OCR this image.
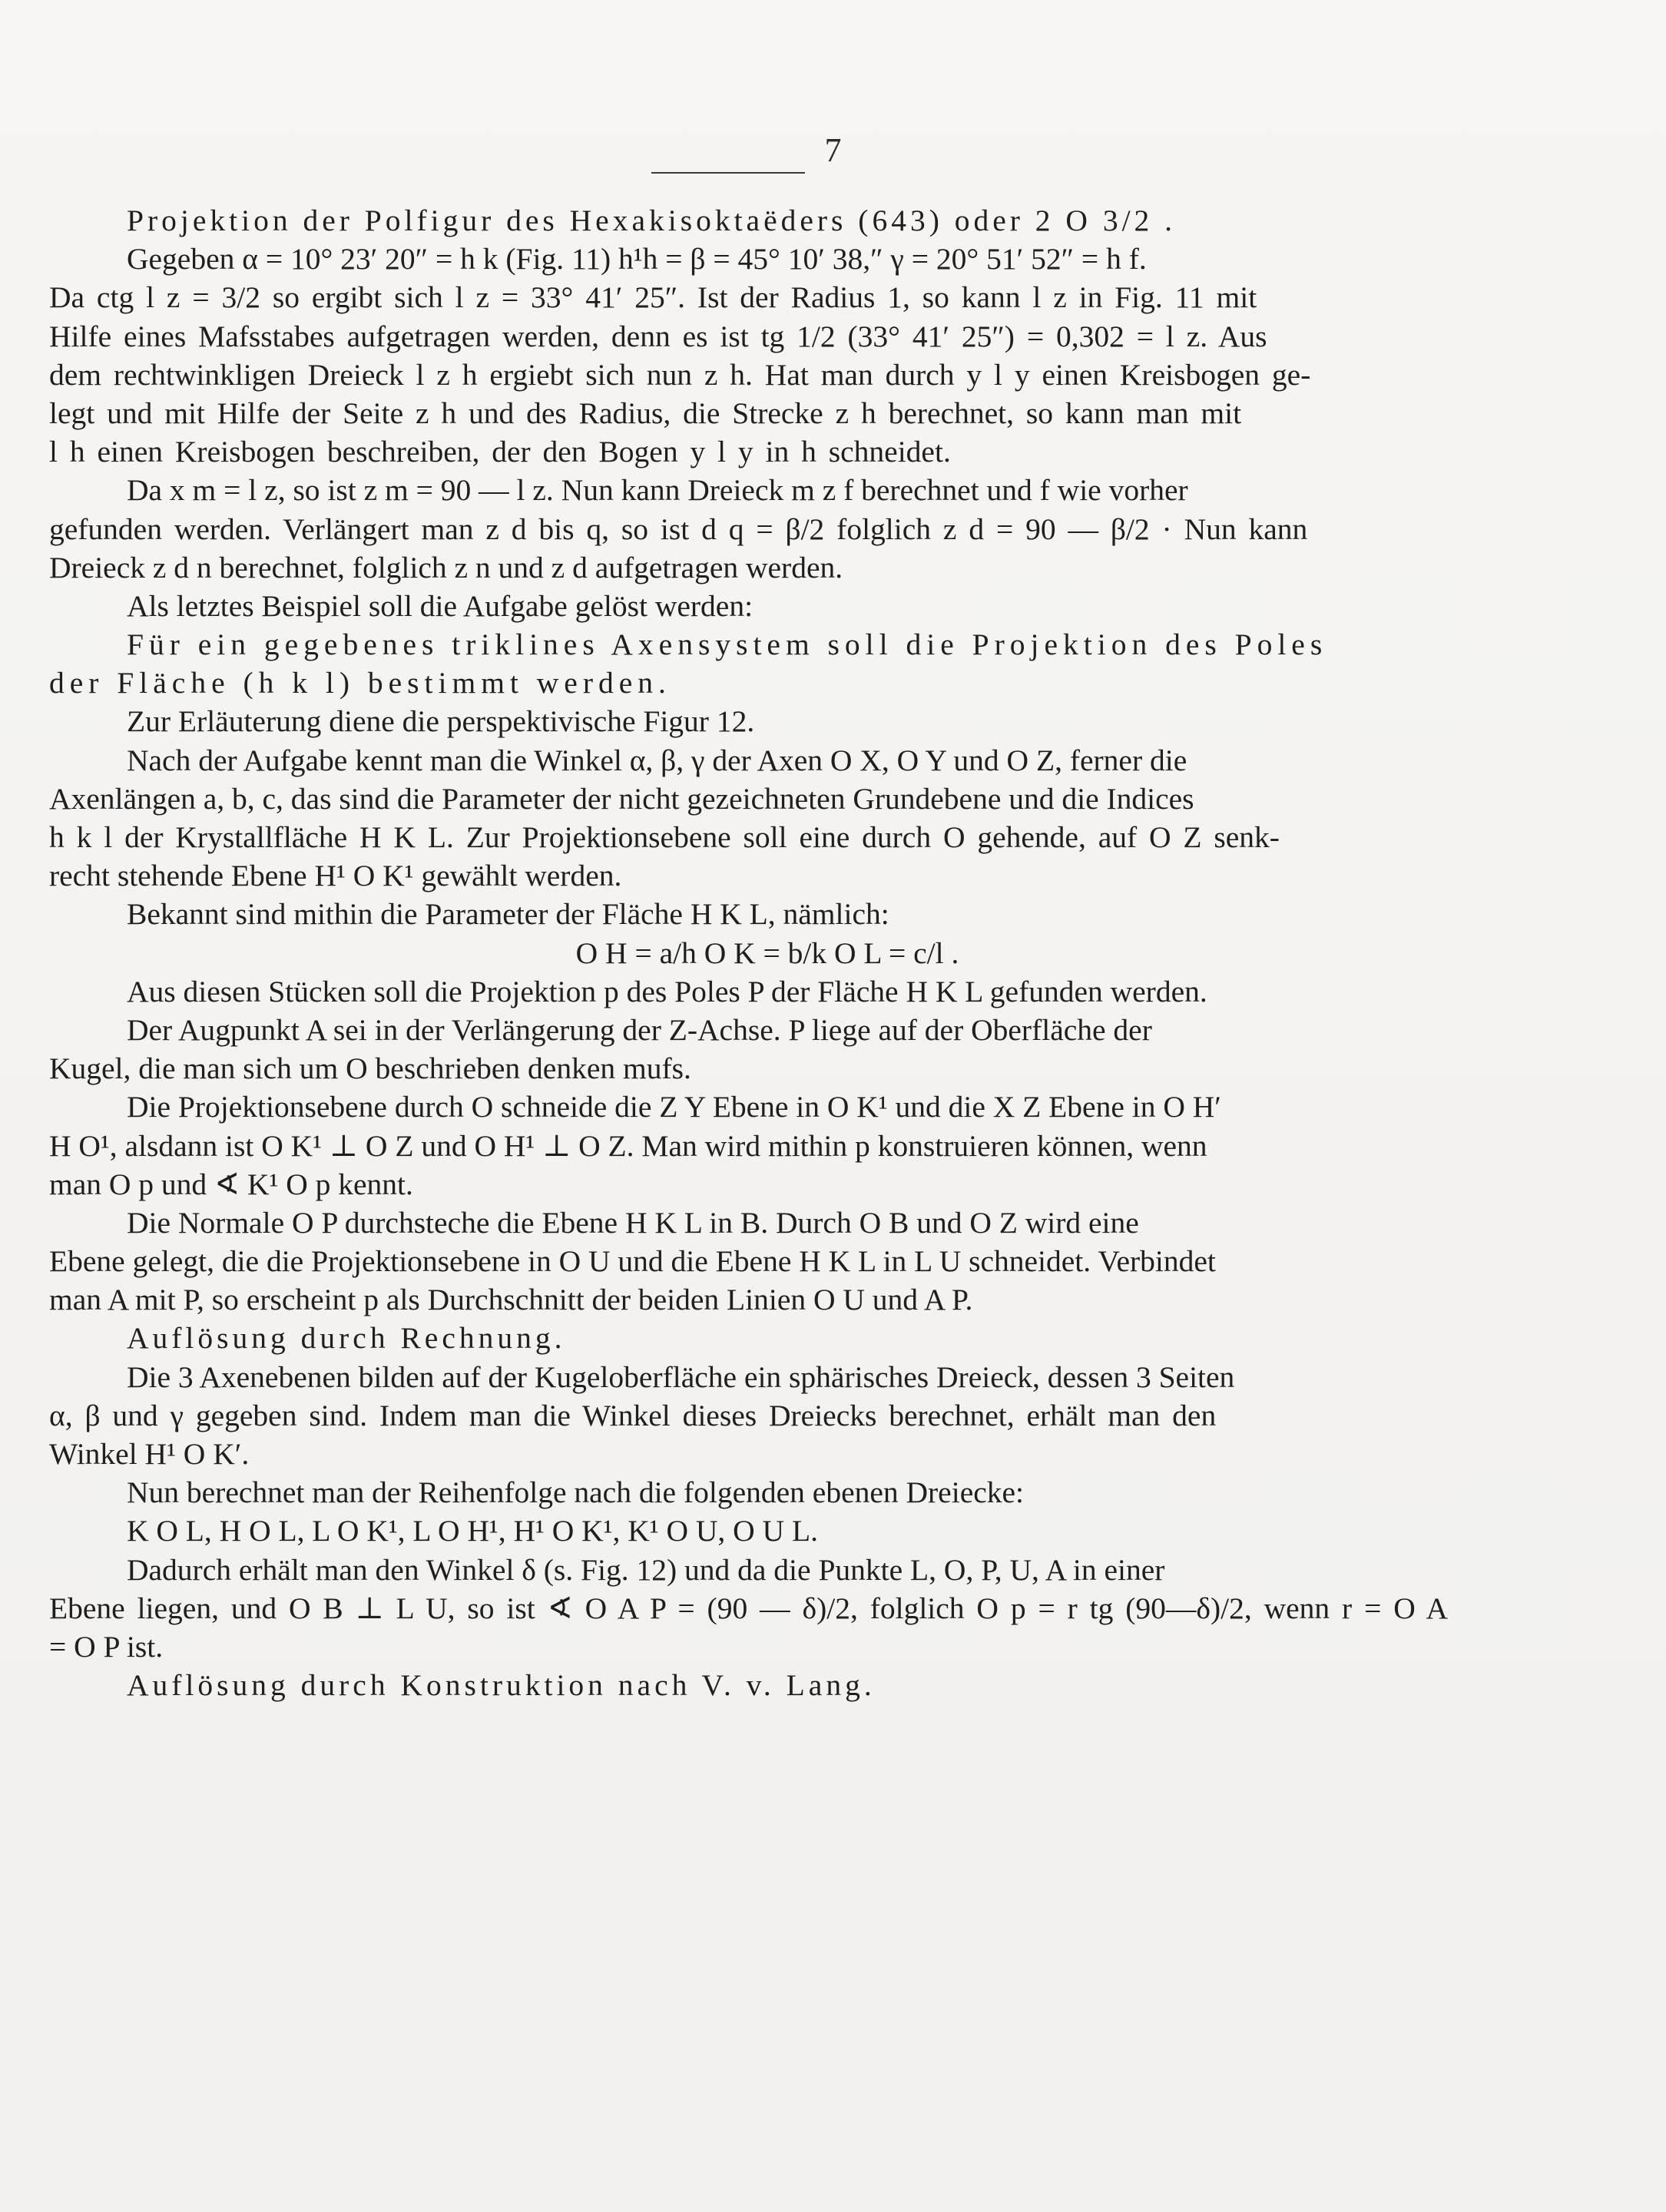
7
Projektion der Polfigur des Hexakisoktaëders (643) oder 2 O 3/2 .
Gegeben α = 10° 23′ 20″ = h k (Fig. 11) h¹h = β = 45° 10′ 38,″ γ = 20° 51′ 52″ = h f.
Da ctg l z = 3/2 so ergibt sich l z = 33° 41′ 25″. Ist der Radius 1, so kann l z in Fig. 11 mit
Hilfe eines Mafsstabes aufgetragen werden, denn es ist tg 1/2 (33° 41′ 25″) = 0,302 = l z. Aus
dem rechtwinkligen Dreieck l z h ergiebt sich nun z h. Hat man durch y l y einen Kreisbogen ge-
legt und mit Hilfe der Seite z h und des Radius, die Strecke z h berechnet, so kann man mit
l h einen Kreisbogen beschreiben, der den Bogen y l y in h schneidet.
Da x m = l z, so ist z m = 90 — l z. Nun kann Dreieck m z f berechnet und f wie vorher
gefunden werden. Verlängert man z d bis q, so ist d q = β/2 folglich z d = 90 — β/2 · Nun kann
Dreieck z d n berechnet, folglich z n und z d aufgetragen werden.
Als letztes Beispiel soll die Aufgabe gelöst werden:
Für ein gegebenes triklines Axensystem soll die Projektion des Poles
der Fläche (h k l) bestimmt werden.
Zur Erläuterung diene die perspektivische Figur 12.
Nach der Aufgabe kennt man die Winkel α, β, γ der Axen O X, O Y und O Z, ferner die
Axenlängen a, b, c, das sind die Parameter der nicht gezeichneten Grundebene und die Indices
h k l der Krystallfläche H K L. Zur Projektionsebene soll eine durch O gehende, auf O Z senk-
recht stehende Ebene H¹ O K¹ gewählt werden.
Bekannt sind mithin die Parameter der Fläche H K L, nämlich:
O H = a/h O K = b/k O L = c/l .
Aus diesen Stücken soll die Projektion p des Poles P der Fläche H K L gefunden werden.
Der Augpunkt A sei in der Verlängerung der Z-Achse. P liege auf der Oberfläche der
Kugel, die man sich um O beschrieben denken mufs.
Die Projektionsebene durch O schneide die Z Y Ebene in O K¹ und die X Z Ebene in O H′
H O¹, alsdann ist O K¹ ⊥ O Z und O H¹ ⊥ O Z. Man wird mithin p konstruieren können, wenn
man O p und ∢ K¹ O p kennt.
Die Normale O P durchsteche die Ebene H K L in B. Durch O B und O Z wird eine
Ebene gelegt, die die Projektionsebene in O U und die Ebene H K L in L U schneidet. Verbindet
man A mit P, so erscheint p als Durchschnitt der beiden Linien O U und A P.
Auflösung durch Rechnung.
Die 3 Axenebenen bilden auf der Kugeloberfläche ein sphärisches Dreieck, dessen 3 Seiten
α, β und γ gegeben sind. Indem man die Winkel dieses Dreiecks berechnet, erhält man den
Winkel H¹ O K′.
Nun berechnet man der Reihenfolge nach die folgenden ebenen Dreiecke:
K O L, H O L, L O K¹, L O H¹, H¹ O K¹, K¹ O U, O U L.
Dadurch erhält man den Winkel δ (s. Fig. 12) und da die Punkte L, O, P, U, A in einer
Ebene liegen, und O B ⊥ L U, so ist ∢ O A P = (90 — δ)/2, folglich O p = r tg (90—δ)/2, wenn r = O A
= O P ist.
Auflösung durch Konstruktion nach V. v. Lang.
